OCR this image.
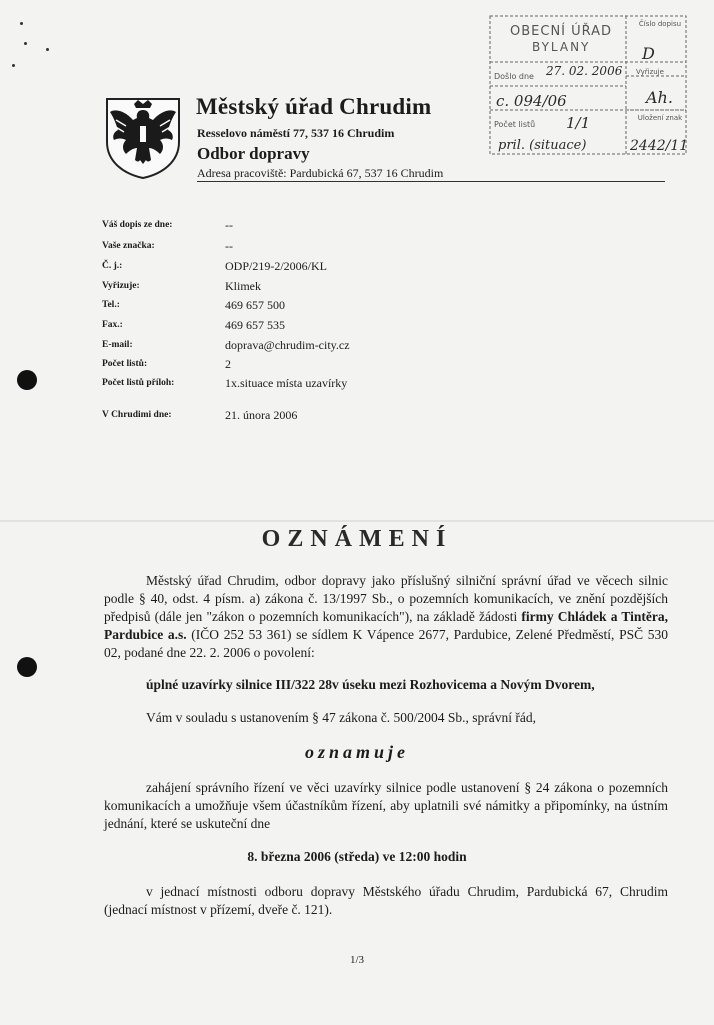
Městský úřad Chrudim
Resselovo náměstí 77, 537 16 Chrudim
Odbor dopravy
Adresa pracoviště: Pardubická 67, 537 16 Chrudim
OBECNÍ ÚŘAD
BYLANY
Došlo dne 27. 02. 2006
c. 094/06
Počet listů 1/1
pril. (situace)
Číslo dopisu
D
Vyřizuje
Ah.
Uložení znak
2442/11
Váš dopis ze dne:	--
Vaše značka:	--
Č. j.:	ODP/219-2/2006/KL
Vyřizuje:	Klimek
Tel.:	469 657 500
Fax.:	469 657 535
E-mail:	doprava@chrudim-city.cz
Počet listů:	2
Počet listů příloh:	1x.situace místa uzavírky
V Chrudimi dne:	21. února 2006
OZNÁMENÍ
Městský úřad Chrudim, odbor dopravy jako příslušný silniční správní úřad ve věcech silnic podle § 40, odst. 4 písm. a) zákona č. 13/1997 Sb., o pozemních komunikacích, ve znění pozdějších předpisů (dále jen "zákon o pozemních komunikacích"), na základě žádosti firmy Chládek a Tintěra, Pardubice a.s. (IČO 252 53 361) se sídlem K Vápence 2677, Pardubice, Zelené Předměstí, PSČ 530 02, podané dne 22. 2. 2006 o povolení:
úplné uzavírky silnice III/322 28v úseku mezi Rozhovicema a Novým Dvorem,
Vám v souladu s ustanovením § 47 zákona č. 500/2004 Sb., správní řád,
oznamuje
zahájení správního řízení ve věci uzavírky silnice podle ustanovení § 24 zákona o pozemních komunikacích a umožňuje všem účastníkům řízení, aby uplatnili své námitky a připomínky, na ústním jednání, které se uskuteční dne
8. března 2006 (středa) ve 12:00 hodin
v jednací místnosti odboru dopravy Městského úřadu Chrudim, Pardubická 67, Chrudim (jednací místnost v přízemí, dveře č. 121).
1/3
